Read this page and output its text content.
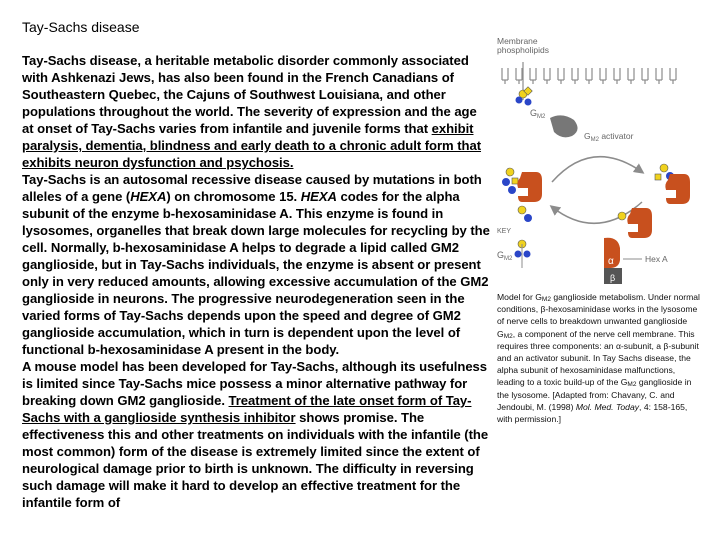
Tay-Sachs disease

Tay-Sachs disease, a heritable metabolic disorder commonly associated with Ashkenazi Jews, has also been found in the French Canadians of Southeastern Quebec, the Cajuns of Southwest Louisiana, and other populations throughout the world. The severity of expression and the age at onset of Tay-Sachs varies from infantile and juvenile forms that exhibit paralysis, dementia, blindness and early death to a chronic adult form that exhibits neuron dysfunction and psychosis.

Tay-Sachs is an autosomal recessive disease caused by mutations in both alleles of a gene (HEXA) on chromosome 15. HEXA codes for the alpha subunit of the enzyme b-hexosaminidase A. This enzyme is found in lysosomes, organelles that break down large molecules for recycling by the cell. Normally, b-hexosaminidase A helps to degrade a lipid called GM2 ganglioside, but in Tay-Sachs individuals, the enzyme is absent or present only in very reduced amounts, allowing excessive accumulation of the GM2 ganglioside in neurons. The progressive neurodegeneration seen in the varied forms of Tay-Sachs depends upon the speed and degree of GM2 ganglioside accumulation, which in turn is dependent upon the level of functional b-hexosaminidase A present in the body.

A mouse model has been developed for Tay-Sachs, although its usefulness is limited since Tay-Sachs mice possess a minor alternative pathway for breaking down GM2 ganglioside. Treatment of the late onset form of Tay-Sachs with a ganglioside synthesis inhibitor shows promise. The effectiveness this and other treatments on individuals with the infantile (the most common) form of the disease is extremely limited since the extent of neurological damage prior to birth is unknown. The difficulty in reversing such damage will make it hard to develop an effective treatment for the infantile form of

Membrane
phospholipids
$G_{M2}$
$G_{M2}$ activator
KEY
$G_{M2}$	α
β
Hex A
Model for $G_{M2}$ ganglioside metabolism. Under normal conditions, β-hexosaminidase works in the lysosome of nerve cells to breakdown unwanted ganglioside $G_{M2}$, a component of the nerve cell membrane. This requires three components: an α-subunit, a β-subunit and an activator subunit. In Tay Sachs disease, the alpha subunit of hexosaminidase malfunctions, leading to a toxic build-up of the $G_{M2}$ ganglioside in the lysosome. [Adapted from: Chavany, C. and Jendoubi, M. (1998) Mol. Med. Today, 4: 158-165, with permission.]
